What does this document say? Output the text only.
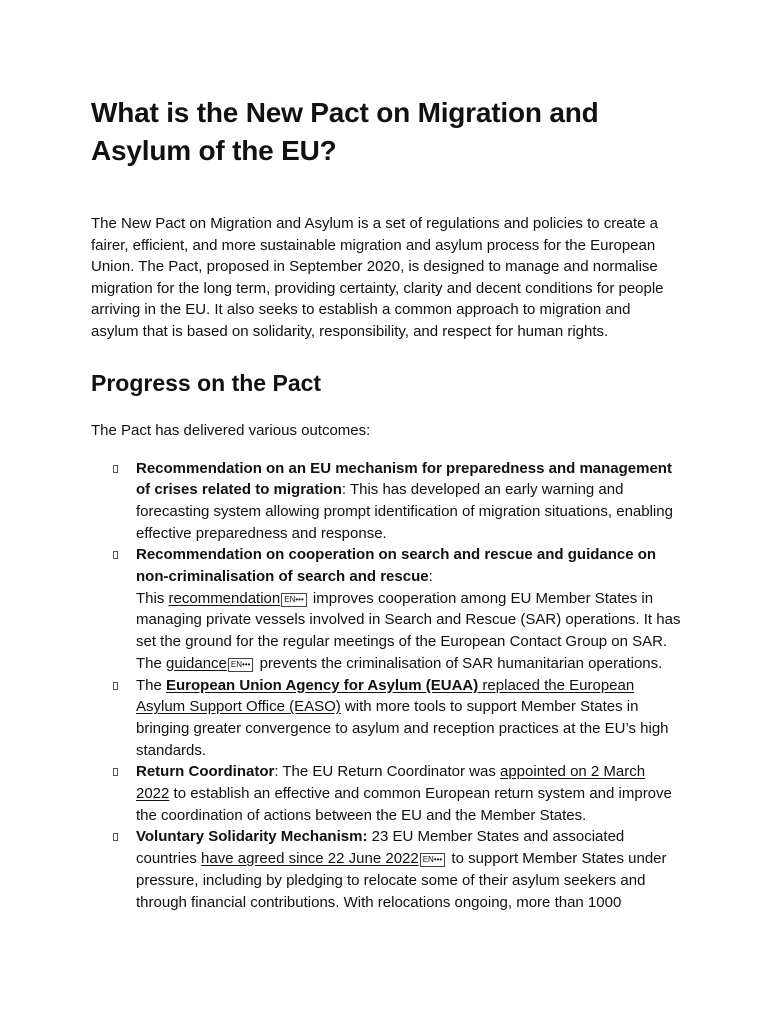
What is the New Pact on Migration and Asylum of the EU?

The New Pact on Migration and Asylum is a set of regulations and policies to create a fairer, efficient, and more sustainable migration and asylum process for the European Union. The Pact, proposed in September 2020, is designed to manage and normalise migration for the long term, providing certainty, clarity and decent conditions for people arriving in the EU. It also seeks to establish a common approach to migration and asylum that is based on solidarity, responsibility, and respect for human rights.

Progress on the Pact

The Pact has delivered various outcomes:

Recommendation on an EU mechanism for preparedness and management of crises related to migration: This has developed an early warning and forecasting system allowing prompt identification of migration situations, enabling effective preparedness and response.
Recommendation on cooperation on search and rescue and guidance on non-criminalisation of search and rescue:
This recommendation EN••• improves cooperation among EU Member States in managing private vessels involved in Search and Rescue (SAR) operations. It has set the ground for the regular meetings of the European Contact Group on SAR. The guidance EN••• prevents the criminalisation of SAR humanitarian operations.
The European Union Agency for Asylum (EUAA) replaced the European Asylum Support Office (EASO) with more tools to support Member States in bringing greater convergence to asylum and reception practices at the EU’s high standards.
Return Coordinator: The EU Return Coordinator was appointed on 2 March 2022 to establish an effective and common European return system and improve the coordination of actions between the EU and the Member States.
Voluntary Solidarity Mechanism: 23 EU Member States and associated countries have agreed since 22 June 2022 EN••• to support Member States under pressure, including by pledging to relocate some of their asylum seekers and through financial contributions. With relocations ongoing, more than 1000
